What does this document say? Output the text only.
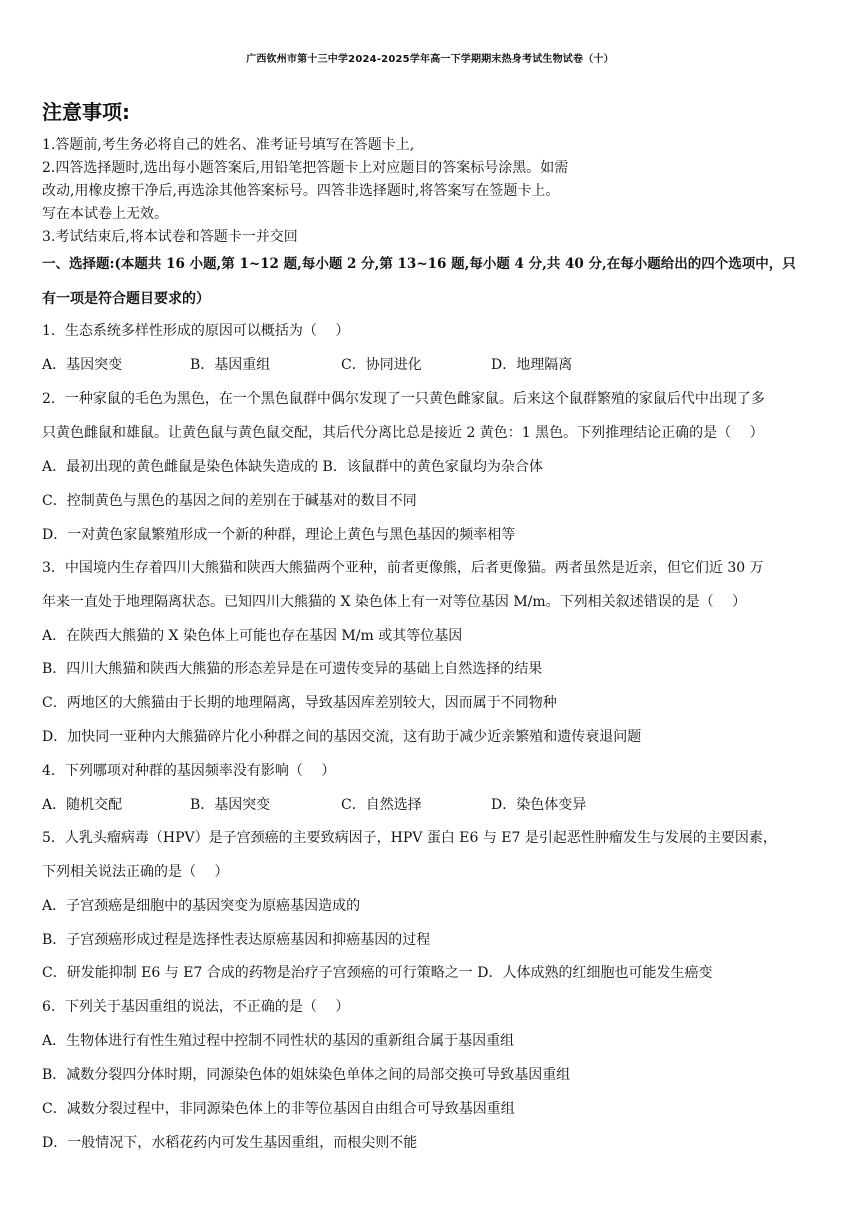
广西钦州市第十三中学2024-2025学年高一下学期期末热身考试生物试卷（十）
注意事项:
1.答题前,考生务必将自己的姓名、准考证号填写在答题卡上,
2.四答选择题时,选出每小题答案后,用铅笔把答题卡上对应题目的答案标号涂黑。如需
改动,用橡皮擦干净后,再选涂其他答案标号。四答非选择题时,将答案写在签题卡上。
写在本试卷上无效。
3.考试结束后,将本试卷和答题卡一并交回
一、选择题:(本题共 16 小题,第 1~12 题,每小题 2 分,第 13~16 题,每小题 4 分,共 40 分,在每小题给出的四个选项中，只
有一项是符合题目要求的）
1．生态系统多样性形成的原因可以概括为（　 ）
A．基因突变	B．基因重组	C．协同进化	D．地理隔离
2．一种家鼠的毛色为黑色，在一个黑色鼠群中偶尔发现了一只黄色雌家鼠。后来这个鼠群繁殖的家鼠后代中出现了多
只黄色雌鼠和雄鼠。让黄色鼠与黄色鼠交配，其后代分离比总是接近 2 黄色：1 黑色。下列推理结论正确的是（　 ）
A．最初出现的黄色雌鼠是染色体缺失造成的 B．该鼠群中的黄色家鼠均为杂合体
C．控制黄色与黑色的基因之间的差别在于碱基对的数目不同
D．一对黄色家鼠繁殖形成一个新的种群，理论上黄色与黑色基因的频率相等
3．中国境内生存着四川大熊猫和陕西大熊猫两个亚种，前者更像熊，后者更像猫。两者虽然是近亲，但它们近 30 万
年来一直处于地理隔离状态。已知四川大熊猫的 X 染色体上有一对等位基因 M/m。下列相关叙述错误的是（　 ）
A．在陕西大熊猫的 X 染色体上可能也存在基因 M/m 或其等位基因
B．四川大熊猫和陕西大熊猫的形态差异是在可遗传变异的基础上自然选择的结果
C．两地区的大熊猫由于长期的地理隔离，导致基因库差别较大，因而属于不同物种
D．加快同一亚种内大熊猫碎片化小种群之间的基因交流，这有助于减少近亲繁殖和遗传衰退问题
4．下列哪项对种群的基因频率没有影响（　 ）
A．随机交配	B．基因突变	C．自然选择	D．染色体变异
5．人乳头瘤病毒（HPV）是子宫颈癌的主要致病因子，HPV 蛋白 E6 与 E7 是引起恶性肿瘤发生与发展的主要因素，
下列相关说法正确的是（　 ）
A．子宫颈癌是细胞中的基因突变为原癌基因造成的
B．子宫颈癌形成过程是选择性表达原癌基因和抑癌基因的过程
C．研发能抑制 E6 与 E7 合成的药物是治疗子宫颈癌的可行策略之一 D．人体成熟的红细胞也可能发生癌变
6．下列关于基因重组的说法，不正确的是（　 ）
A．生物体进行有性生殖过程中控制不同性状的基因的重新组合属于基因重组
B．减数分裂四分体时期，同源染色体的姐妹染色单体之间的局部交换可导致基因重组
C．减数分裂过程中，非同源染色体上的非等位基因自由组合可导致基因重组
D．一般情况下，水稻花药内可发生基因重组，而根尖则不能
